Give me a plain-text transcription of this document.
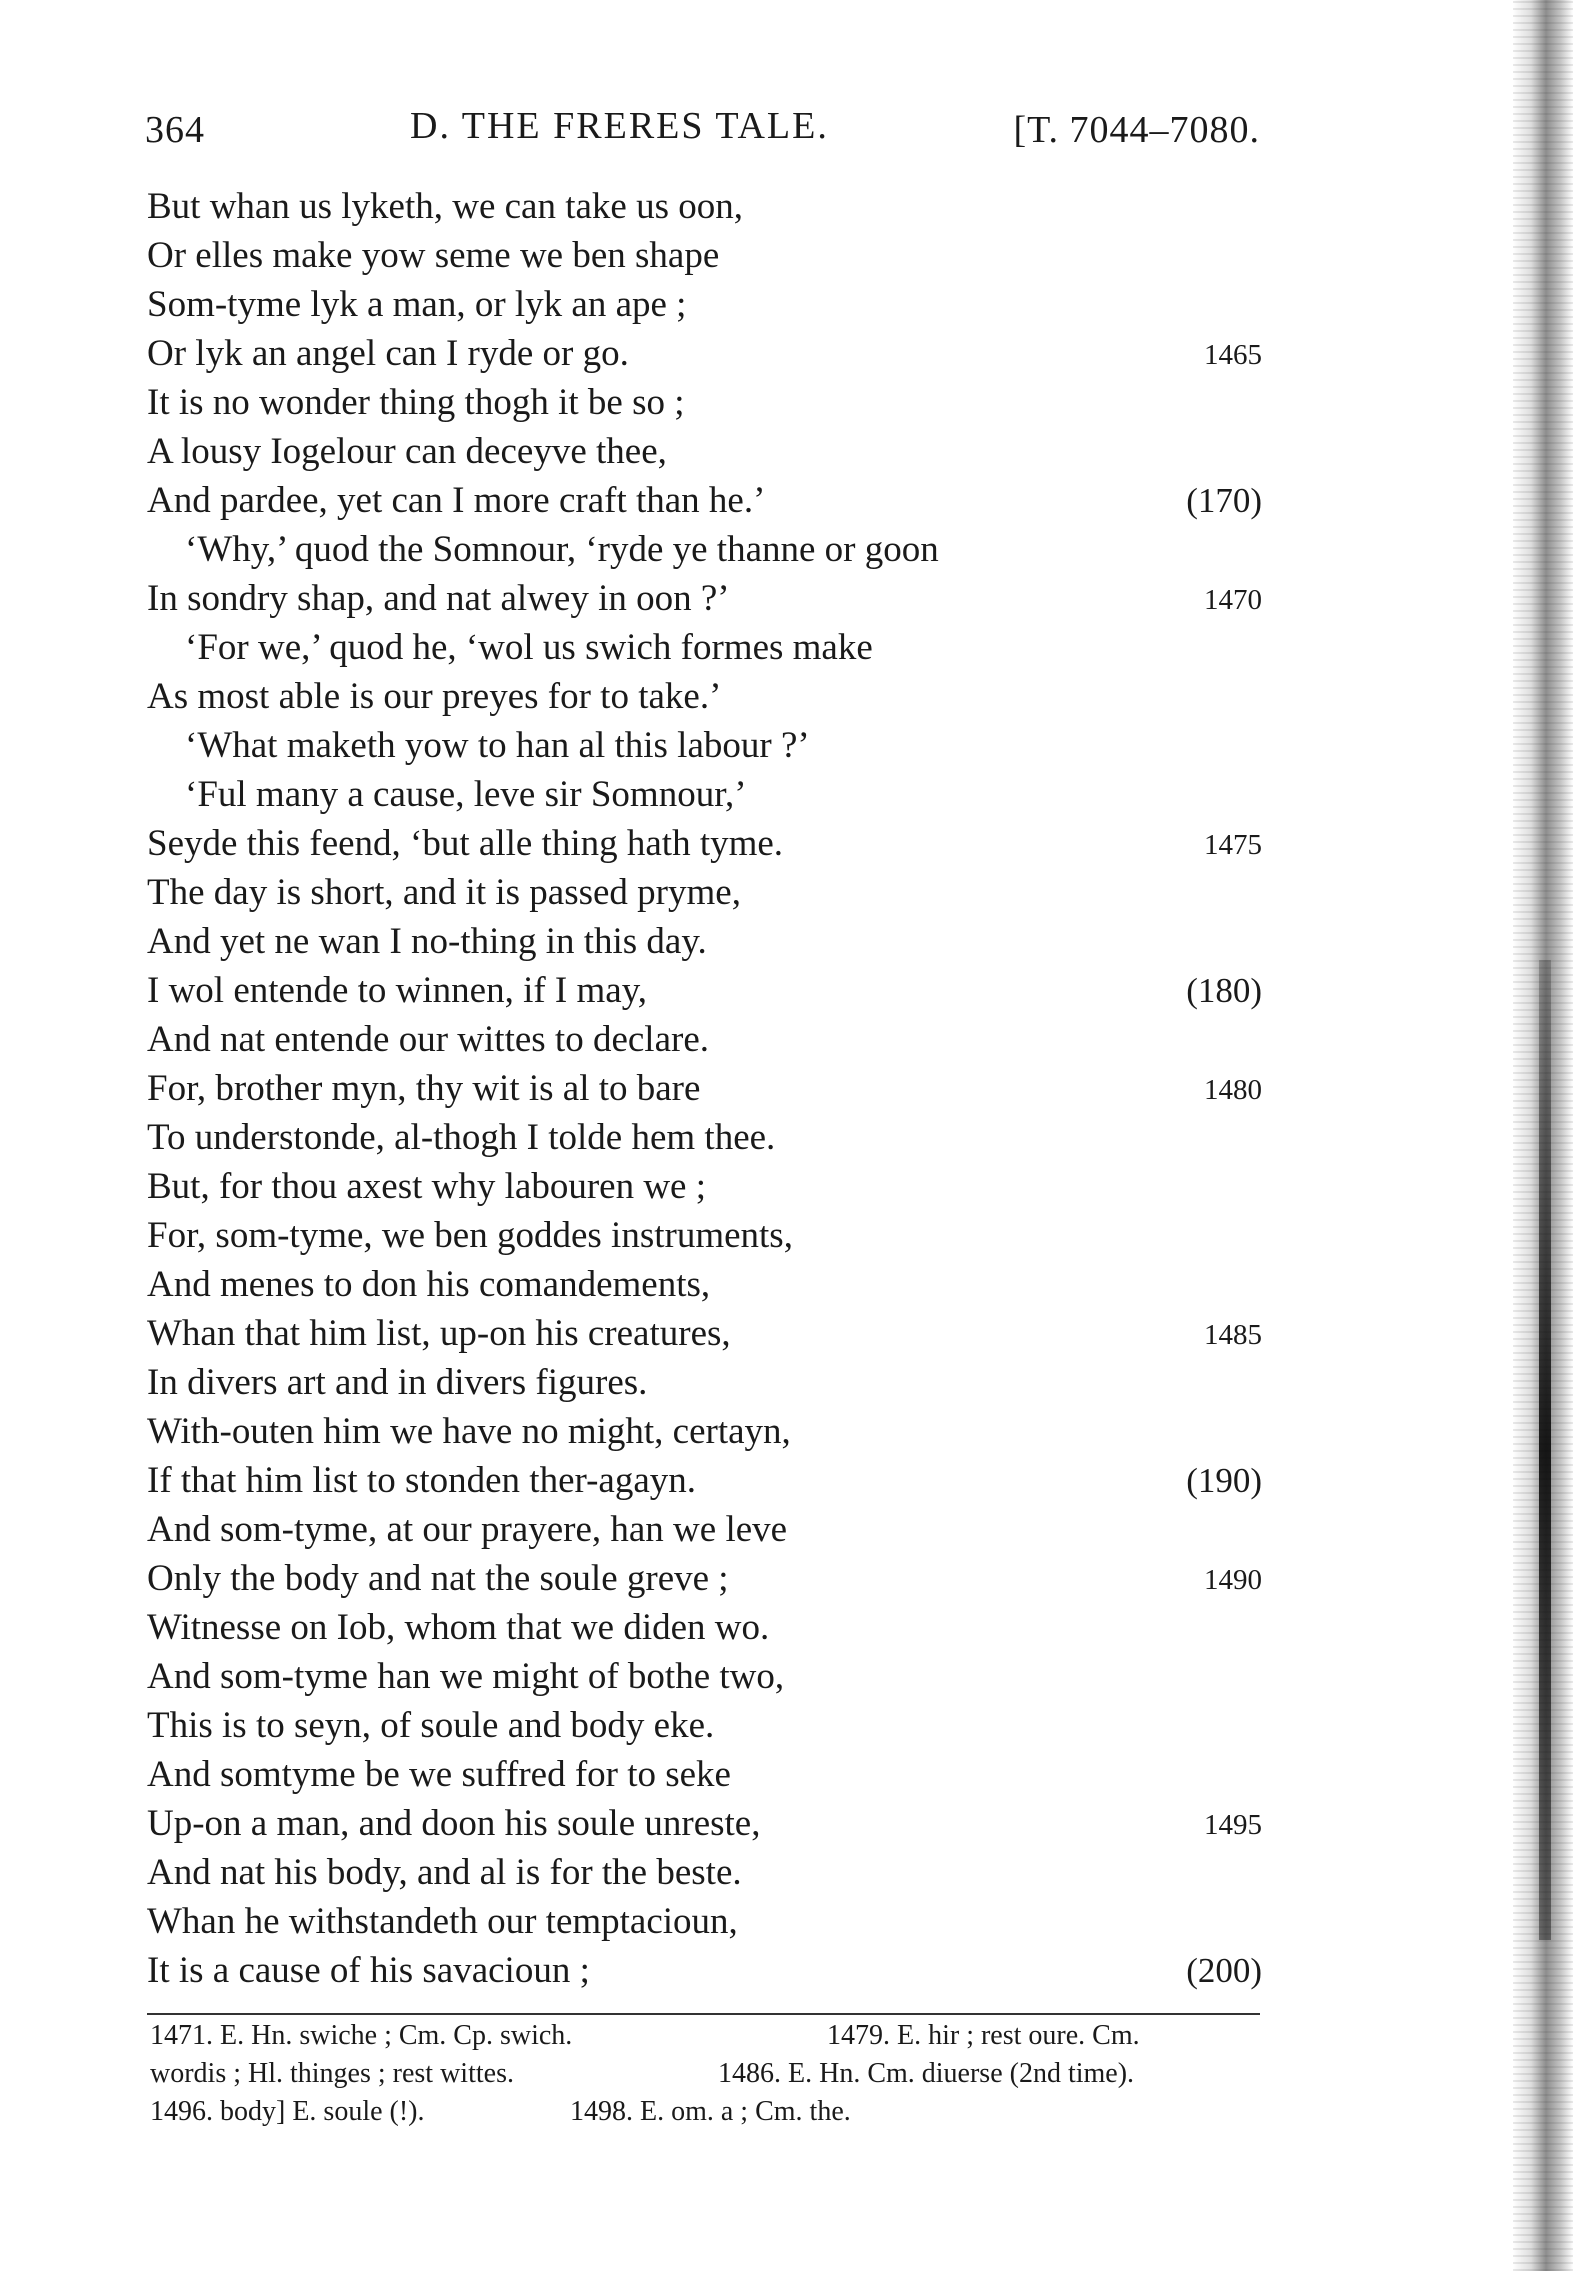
364	D. THE FRERES TALE.	[T. 7044–7080.
But whan us lyketh, we can take us oon,
Or elles make yow seme we ben shape
Som-tyme lyk a man, or lyk an ape ;
Or lyk an angel can I ryde or go.	1465
It is no wonder thing thogh it be so ;
A lousy Iogelour can deceyve thee,
And pardee, yet can I more craft than he.’	(170)
‘Why,’ quod the Somnour, ‘ryde ye thanne or goon
In sondry shap, and nat alwey in oon ?’	1470
‘For we,’ quod he, ‘wol us swich formes make
As most able is our preyes for to take.’
‘What maketh yow to han al this labour ?’
‘Ful many a cause, leve sir Somnour,’
Seyde this feend, ‘but alle thing hath tyme.	1475
The day is short, and it is passed pryme,
And yet ne wan I no-thing in this day.
I wol entende to winnen, if I may,	(180)
And nat entende our wittes to declare.
For, brother myn, thy wit is al to bare	1480
To understonde, al-thogh I tolde hem thee.
But, for thou axest why labouren we ;
For, som-tyme, we ben goddes instruments,
And menes to don his comandements,
Whan that him list, up-on his creatures,	1485
In divers art and in divers figures.
With-outen him we have no might, certayn,
If that him list to stonden ther-agayn.	(190)
And som-tyme, at our prayere, han we leve
Only the body and nat the soule greve ;	1490
Witnesse on Iob, whom that we diden wo.
And som-tyme han we might of bothe two,
This is to seyn, of soule and body eke.
And somtyme be we suffred for to seke
Up-on a man, and doon his soule unreste,	1495
And nat his body, and al is for the beste.
Whan he withstandeth our temptacioun,
It is a cause of his savacioun ;	(200)
1471. E. Hn. swiche ; Cm. Cp. swich.	1479. E. hir ; rest oure. Cm.
wordis ; Hl. thinges ; rest wittes.	1486. E. Hn. Cm. diuerse (2nd time).
1496. body] E. soule (!).	1498. E. om. a ; Cm. the.
